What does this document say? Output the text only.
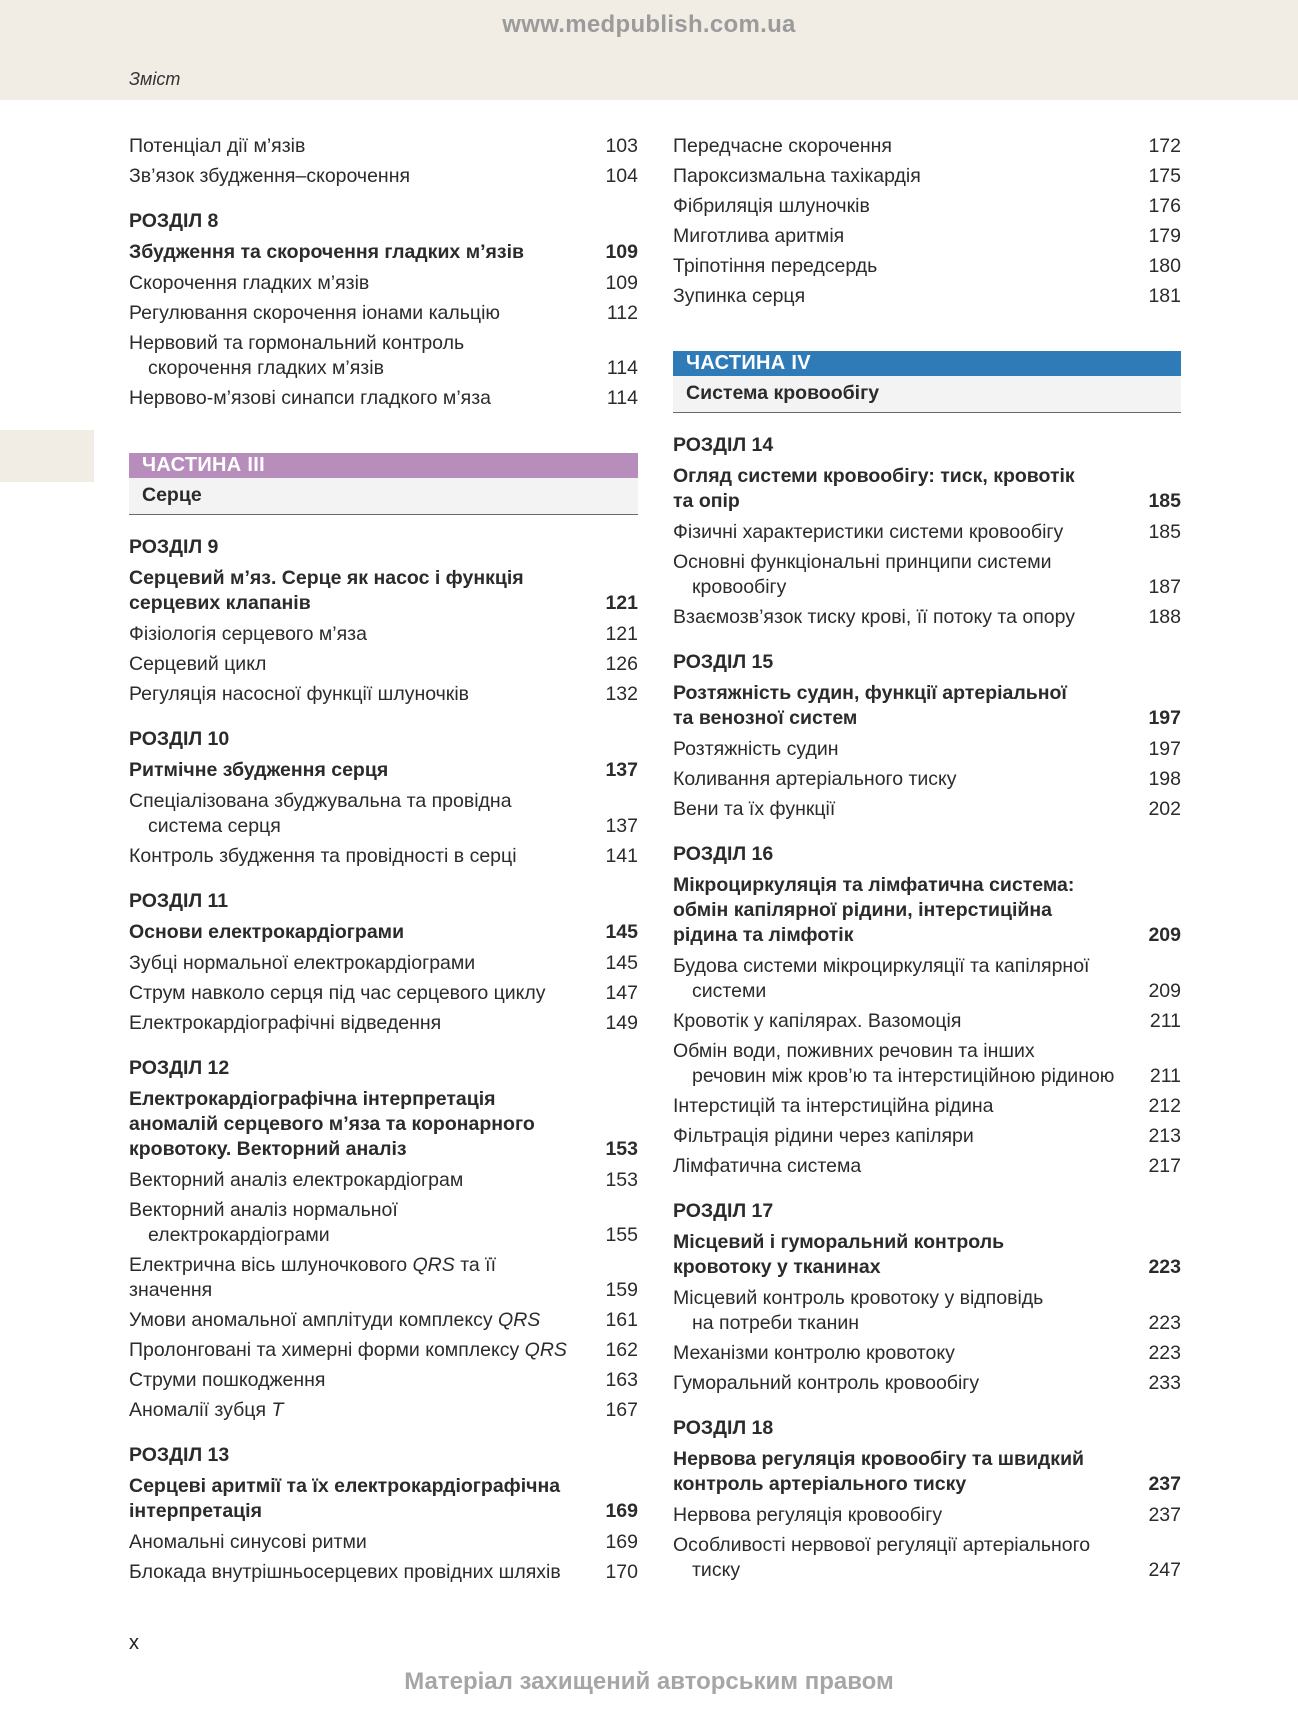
www.medpublish.com.ua
Зміст
Потенціал дії м’язів	103
Зв’язок збудження–скорочення	104
РОЗДІЛ 8
Збудження та скорочення гладких м’язів	109
Скорочення гладких м’язів	109
Регулювання скорочення іонами кальцію	112
Нервовий та гормональний контроль
скорочення гладких м’язів	114
Нервово-м’язові синапси гладкого м’яза	114
ЧАСТИНА III
Серце
РОЗДІЛ 9
Серцевий м’яз. Серце як насос і функція
серцевих клапанів	121
Фізіологія серцевого м’яза	121
Серцевий цикл	126
Регуляція насосної функції шлуночків	132
РОЗДІЛ 10
Ритмічне збудження серця	137
Спеціалізована збуджувальна та провідна
система серця	137
Контроль збудження та провідності в серці	141
РОЗДІЛ 11
Основи електрокардіограми	145
Зубці нормальної електрокардіограми	145
Струм навколо серця під час серцевого циклу	147
Електрокардіографічні відведення	149
РОЗДІЛ 12
Електрокардіографічна інтерпретація
аномалій серцевого м’яза та коронарного
кровотоку. Векторний аналіз	153
Векторний аналіз електрокардіограм	153
Векторний аналіз нормальної
електрокардіограми	155
Електрична вісь шлуночкового QRS та її значення	159
Умови аномальної амплітуди комплексу QRS	161
Пролонговані та химерні форми комплексу QRS	162
Струми пошкодження	163
Аномалії зубця T	167
РОЗДІЛ 13
Серцеві аритмії та їх електрокардіографічна
інтерпретація	169
Аномальні синусові ритми	169
Блокада внутрішньосерцевих провідних шляхів	170
Передчасне скорочення	172
Пароксизмальна тахікардія	175
Фібриляція шлуночків	176
Миготлива аритмія	179
Тріпотіння передсердь	180
Зупинка серця	181
ЧАСТИНА IV
Система кровообігу
РОЗДІЛ 14
Огляд системи кровообігу: тиск, кровотік
та опір	185
Фізичні характеристики системи кровообігу	185
Основні функціональні принципи системи
кровообігу	187
Взаємозв’язок тиску крові, її потоку та опору	188
РОЗДІЛ 15
Розтяжність судин, функції артеріальної
та венозної систем	197
Розтяжність судин	197
Коливання артеріального тиску	198
Вени та їх функції	202
РОЗДІЛ 16
Мікроциркуляція та лімфатична система:
обмін капілярної рідини, інтерстиційна
рідина та лімфотік	209
Будова системи мікроциркуляції та капілярної
системи	209
Кровотік у капілярах. Вазомоція	211
Обмін води, поживних речовин та інших
речовин між кров’ю та інтерстиційною рідиною	211
Інтерстицій та інтерстиційна рідина	212
Фільтрація рідини через капіляри	213
Лімфатична система	217
РОЗДІЛ 17
Місцевий і гуморальний контроль
кровотоку у тканинах	223
Місцевий контроль кровотоку у відповідь
на потреби тканин	223
Механізми контролю кровотоку	223
Гуморальний контроль кровообігу	233
РОЗДІЛ 18
Нервова регуляція кровообігу та швидкий
контроль артеріального тиску	237
Нервова регуляція кровообігу	237
Особливості нервової регуляції артеріального
тиску	247
x
Матеріал захищений авторським правом
